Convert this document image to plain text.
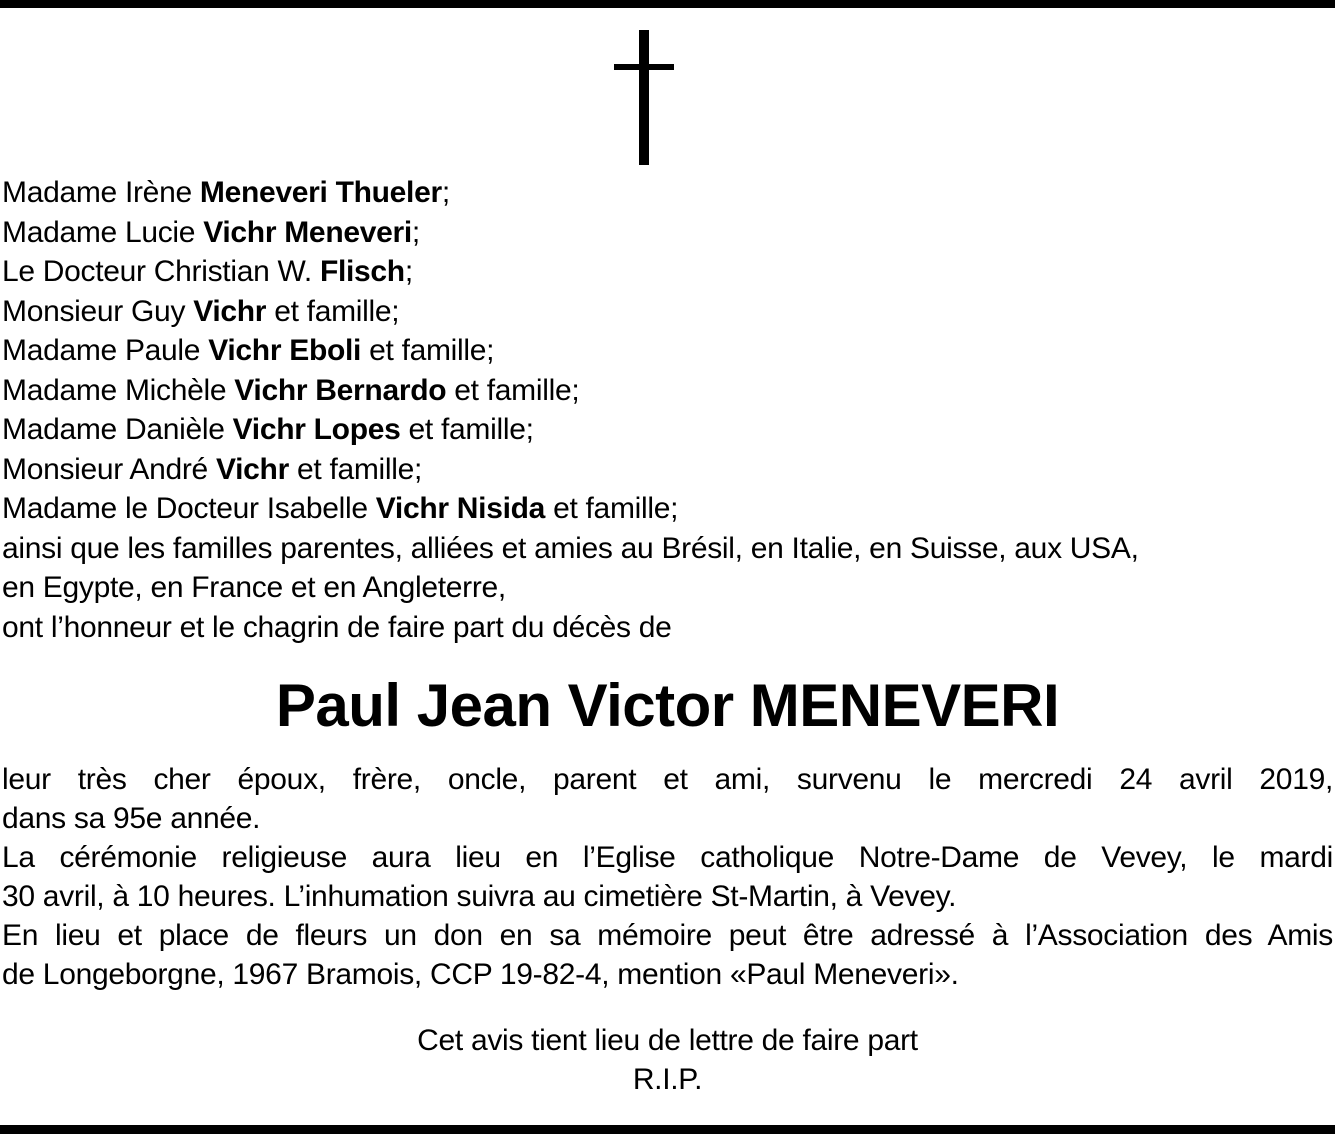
Madame Irène Meneveri Thueler;
Madame Lucie Vichr Meneveri;
Le Docteur Christian W. Flisch;
Monsieur Guy Vichr et famille;
Madame Paule Vichr Eboli et famille;
Madame Michèle Vichr Bernardo et famille;
Madame Danièle Vichr Lopes et famille;
Monsieur André Vichr et famille;
Madame le Docteur Isabelle Vichr Nisida et famille;
ainsi que les familles parentes, alliées et amies au Brésil, en Italie, en Suisse, aux USA,
en Egypte, en France et en Angleterre,
ont l’honneur et le chagrin de faire part du décès de
Paul Jean Victor MENEVERI
leur très cher époux, frère, oncle, parent et ami, survenu le mercredi 24 avril 2019,
dans sa 95e année.
La cérémonie religieuse aura lieu en l’Eglise catholique Notre-Dame de Vevey, le mardi
30 avril, à 10 heures. L’inhumation suivra au cimetière St-Martin, à Vevey.
En lieu et place de fleurs un don en sa mémoire peut être adressé à l’Association des Amis
de Longeborgne, 1967 Bramois, CCP 19-82-4, mention «Paul Meneveri».
Cet avis tient lieu de lettre de faire part
R.I.P.
